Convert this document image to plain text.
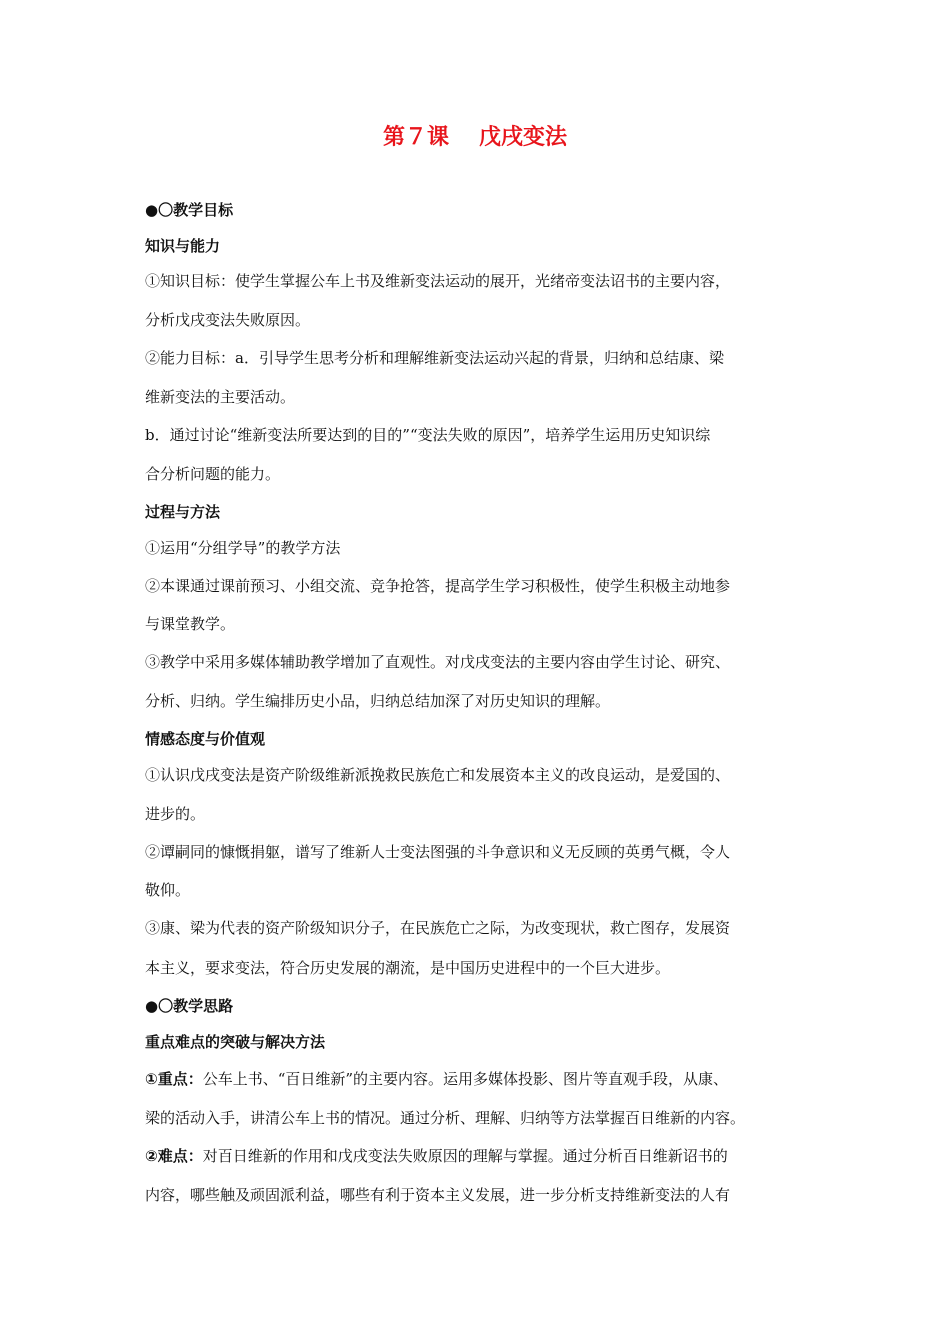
第７课 戊戌变法
●〇教学目标
知识与能力
①知识目标：使学生掌握公车上书及维新变法运动的展开，光绪帝变法诏书的主要内容，
分析戊戌变法失败原因。
②能力目标：a．引导学生思考分析和理解维新变法运动兴起的背景，归纳和总结康、梁
维新变法的主要活动。
b．通过讨论“维新变法所要达到的目的”“变法失败的原因”，培养学生运用历史知识综
合分析问题的能力。
过程与方法
①运用“分组学导”的教学方法
②本课通过课前预习、小组交流、竞争抢答，提高学生学习积极性，使学生积极主动地参
与课堂教学。
③教学中采用多媒体辅助教学增加了直观性。对戊戌变法的主要内容由学生讨论、研究、
分析、归纳。学生编排历史小品，归纳总结加深了对历史知识的理解。
情感态度与价值观
①认识戊戌变法是资产阶级维新派挽救民族危亡和发展资本主义的改良运动，是爱国的、
进步的。
②谭嗣同的慷慨捐躯，谱写了维新人士变法图强的斗争意识和义无反顾的英勇气概，令人
敬仰。
③康、梁为代表的资产阶级知识分子，在民族危亡之际，为改变现状，救亡图存，发展资
本主义，要求变法，符合历史发展的潮流，是中国历史进程中的一个巨大进步。
●〇教学思路
重点难点的突破与解决方法
①重点：公车上书、“百日维新”的主要内容。运用多媒体投影、图片等直观手段，从康、
梁的活动入手，讲清公车上书的情况。通过分析、理解、归纳等方法掌握百日维新的内容。
②难点：对百日维新的作用和戊戌变法失败原因的理解与掌握。通过分析百日维新诏书的
内容，哪些触及顽固派利益，哪些有利于资本主义发展，进一步分析支持维新变法的人有
